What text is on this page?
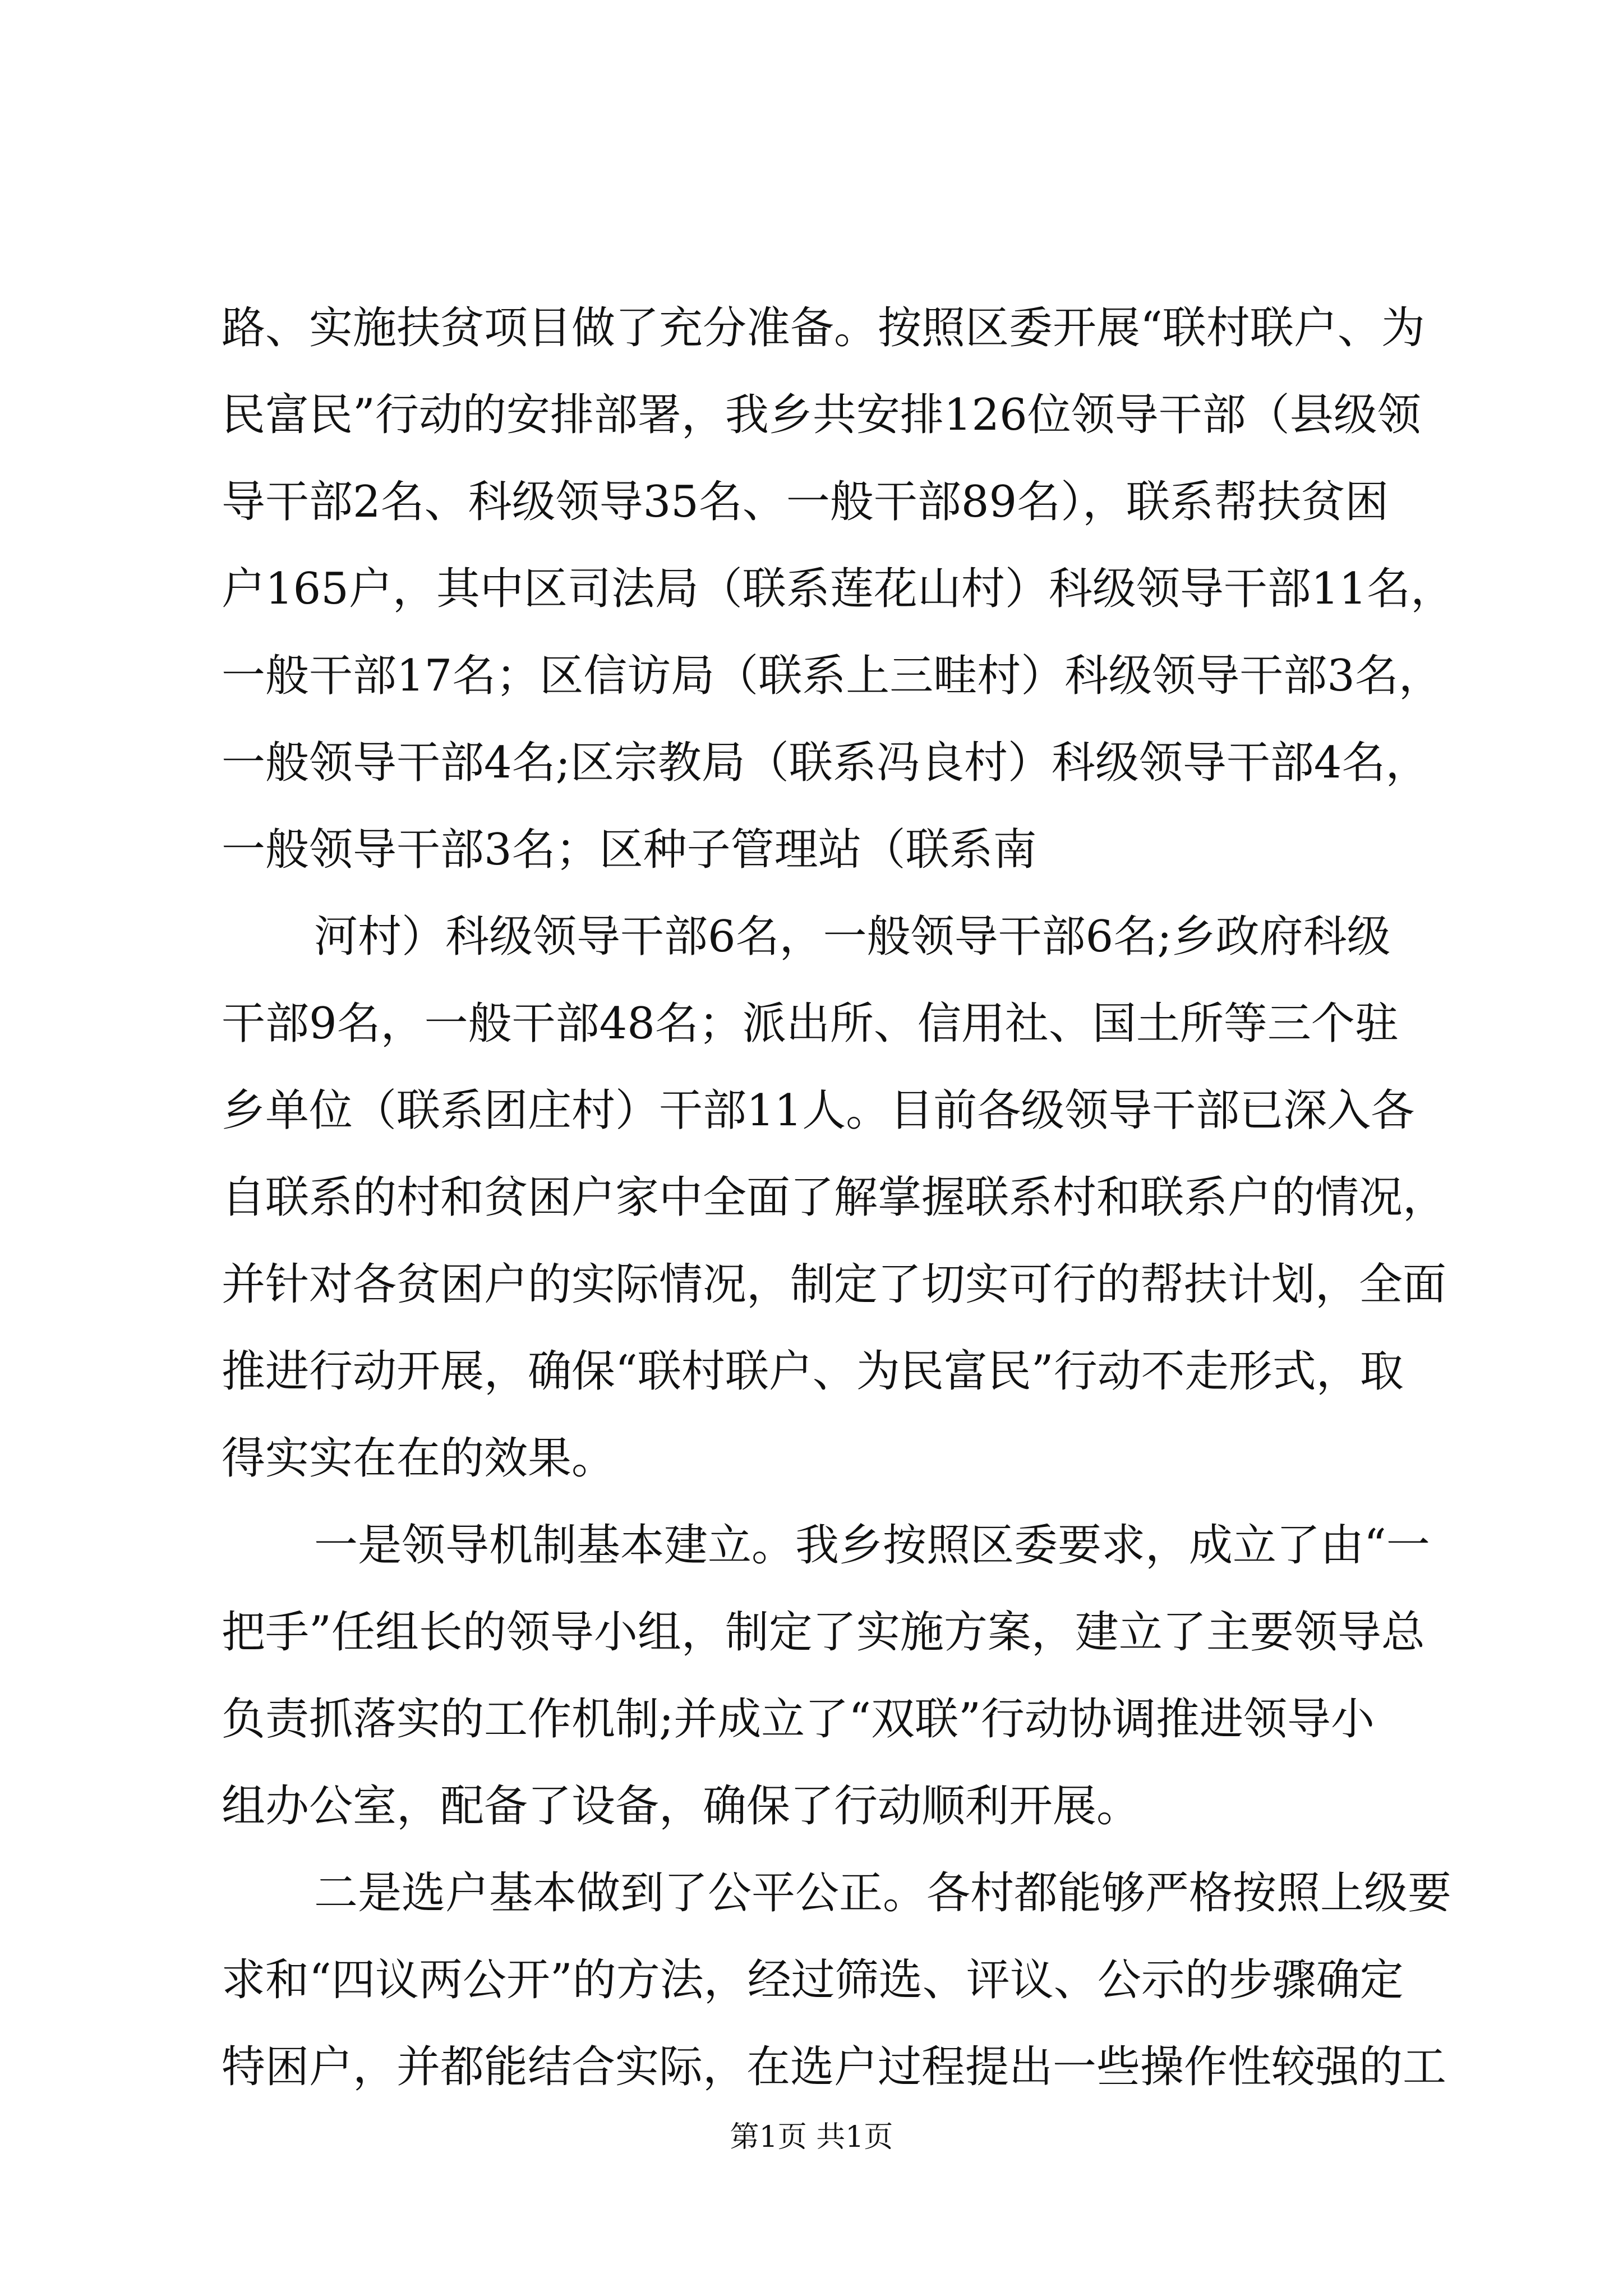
路、实施扶贫项目做了充分准备。按照区委开展“联村联户、为
民富民”行动的安排部署，我乡共安排126位领导干部（县级领
导干部2名、科级领导35名、一般干部89名），联系帮扶贫困
户165户，其中区司法局（联系莲花山村）科级领导干部11名，
一般干部17名；区信访局（联系上三畦村）科级领导干部3名，
一般领导干部4名;区宗教局（联系冯良村）科级领导干部4名，
一般领导干部3名；区种子管理站（联系南
河村）科级领导干部6名，一般领导干部6名;乡政府科级
干部9名，一般干部48名；派出所、信用社、国土所等三个驻
乡单位（联系团庄村）干部11人。目前各级领导干部已深入各
自联系的村和贫困户家中全面了解掌握联系村和联系户的情况，
并针对各贫困户的实际情况，制定了切实可行的帮扶计划，全面
推进行动开展，确保“联村联户、为民富民”行动不走形式，取
得实实在在的效果。
一是领导机制基本建立。我乡按照区委要求，成立了由“一
把手”任组长的领导小组，制定了实施方案，建立了主要领导总
负责抓落实的工作机制;并成立了“双联”行动协调推进领导小
组办公室，配备了设备，确保了行动顺利开展。
二是选户基本做到了公平公正。各村都能够严格按照上级要
求和“四议两公开”的方法，经过筛选、评议、公示的步骤确定
特困户，并都能结合实际，在选户过程提出一些操作性较强的工
第1页 共1页
